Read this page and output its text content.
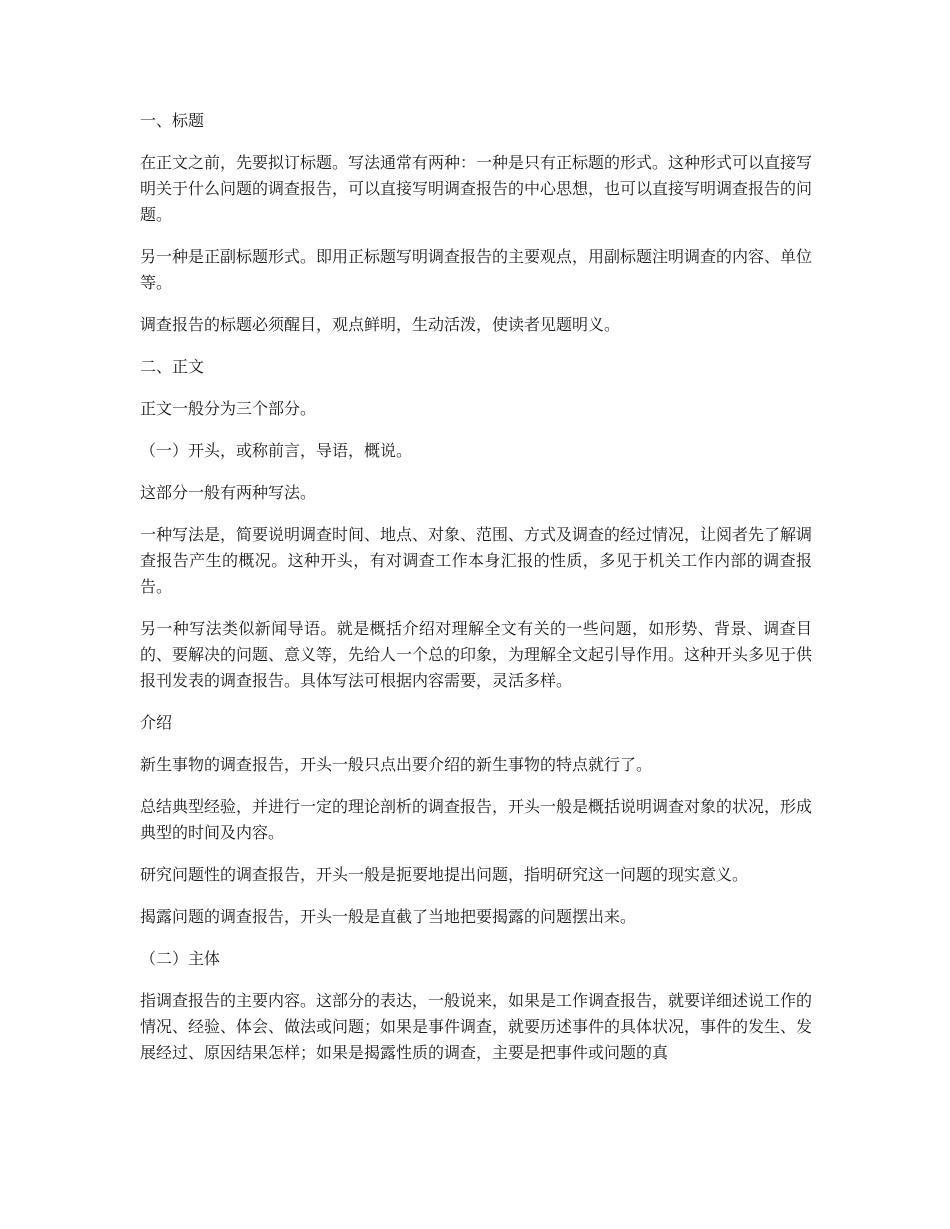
一、标题

在正文之前，先要拟订标题。写法通常有两种：一种是只有正标题的形式。这种形式可以直接写明关于什么问题的调查报告，可以直接写明调查报告的中心思想，也可以直接写明调查报告的问题。

另一种是正副标题形式。即用正标题写明调查报告的主要观点，用副标题注明调查的内容、单位等。

调查报告的标题必须醒目，观点鲜明，生动活泼，使读者见题明义。

二、正文

正文一般分为三个部分。

（一）开头，或称前言，导语，概说。

这部分一般有两种写法。

一种写法是，简要说明调查时间、地点、对象、范围、方式及调查的经过情况，让阅者先了解调查报告产生的概况。这种开头，有对调查工作本身汇报的性质，多见于机关工作内部的调查报告。

另一种写法类似新闻导语。就是概括介绍对理解全文有关的一些问题，如形势、背景、调查目的、要解决的问题、意义等，先给人一个总的印象，为理解全文起引导作用。这种开头多见于供报刊发表的调查报告。具体写法可根据内容需要，灵活多样。

介绍

新生事物的调查报告，开头一般只点出要介绍的新生事物的特点就行了。

总结典型经验，并进行一定的理论剖析的调查报告，开头一般是概括说明调查对象的状况，形成典型的时间及内容。

研究问题性的调查报告，开头一般是扼要地提出问题，指明研究这一问题的现实意义。

揭露问题的调查报告，开头一般是直截了当地把要揭露的问题摆出来。

（二）主体

指调查报告的主要内容。这部分的表达，一般说来，如果是工作调查报告，就要详细述说工作的情况、经验、体会、做法或问题；如果是事件调查，就要历述事件的具体状况，事件的发生、发展经过、原因结果怎样；如果是揭露性质的调查，主要是把事件或问题的真
